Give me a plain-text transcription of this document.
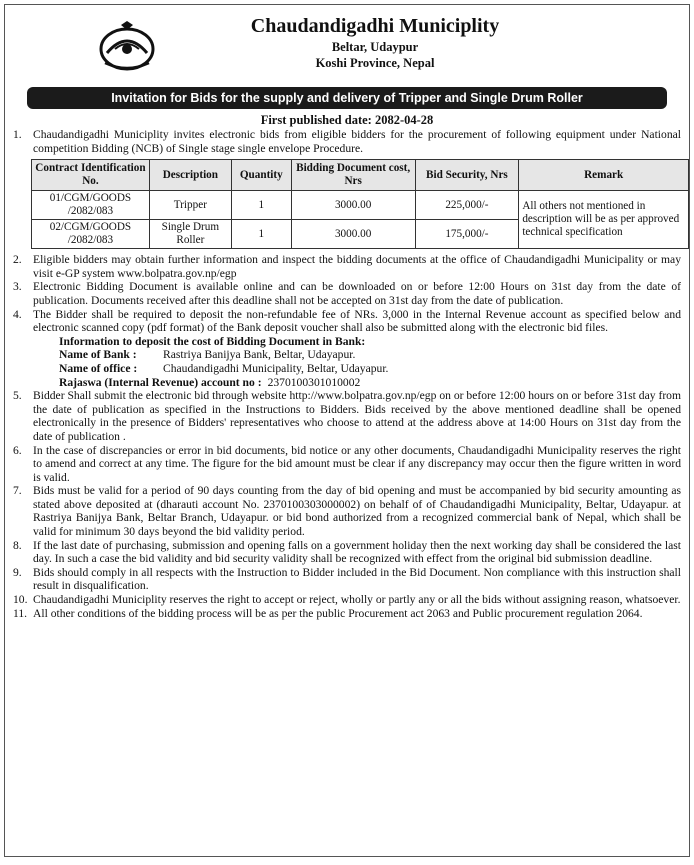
Chaudandigadhi Municiplity
Beltar, Udaypur
Koshi Province, Nepal
Invitation for Bids for the supply and delivery of Tripper and Single Drum Roller
First published date: 2082-04-28
1. Chaudandigadhi Municiplity invites electronic bids from eligible bidders for the procurement of following equipment under National competition Bidding (NCB) of Single stage single envelope Procedure.
Contract Identification No.	Description	Quantity	Bidding Document cost, Nrs	Bid Security, Nrs	Remark
01/CGM/GOODS /2082/083	Tripper	1	3000.00	225,000/-	All others not mentioned in description will be as per approved technical specification
02/CGM/GOODS /2082/083	Single Drum Roller	1	3000.00	175,000/-	
2. Eligible bidders may obtain further information and inspect the bidding documents at the office of Chaudandigadhi Municipality or may visit e-GP system www.bolpatra.gov.np/egp
3. Electronic Bidding Document is available online and can be downloaded on or before 12:00 Hours on 31st day from the date of publication. Documents received after this deadline shall not be accepted on 31st day from the date of publication.
4. The Bidder shall be required to deposit the non-refundable fee of NRs. 3,000 in the Internal Revenue account as specified below and electronic scanned copy (pdf format) of the Bank deposit voucher shall also be submitted along with the electronic bid files.
Information to deposit the cost of Bidding Document in Bank:
Name of Bank :	Rastriya Banijya Bank, Beltar, Udayapur.
Name of office :	Chaudandigadhi Municipality, Beltar, Udayapur.
Rajaswa (Internal Revenue) account no : 2370100301010002
5. Bidder Shall submit the electronic bid through website http://www.bolpatra.gov.np/egp on or before 12:00 hours on or before 31st day from the date of publication as specified in the Instructions to Bidders. Bids received by the above mentioned deadline shall be opened electronically in the presence of Bidders' representatives who choose to attend at the address above at 14:00 Hours on 31st day from the date of publication .
6. In the case of discrepancies or error in bid documents, bid notice or any other documents, Chaudandigadhi Municipality reserves the right to amend and correct at any time. The figure for the bid amount must be clear if any discrepancy may occur then the figure written in word is valid.
7. Bids must be valid for a period of 90 days counting from the day of bid opening and must be accompanied by bid security amounting as stated above deposited at (dharauti account No. 2370100303000002) on behalf of of Chaudandigadhi Municipality, Beltar, Udayapur. at Rastriya Banijya Bank, Beltar Branch, Udayapur. or bid bond authorized from a recognized commercial bank of Nepal, which shall be valid for minimum 30 days beyond the bid validity period.
8. If the last date of purchasing, submission and opening falls on a government holiday then the next working day shall be considered the last day. In such a case the bid validity and bid security validity shall be recognized with effect from the original bid submission deadline.
9. Bids should comply in all respects with the Instruction to Bidder included in the Bid Document. Non compliance with this instruction shall result in disqualification.
10. Chaudandigadhi Municiplity reserves the right to accept or reject, wholly or partly any or all the bids without assigning reason, whatsoever.
11. All other conditions of the bidding process will be as per the public Procurement act 2063 and Public procurement regulation 2064.
